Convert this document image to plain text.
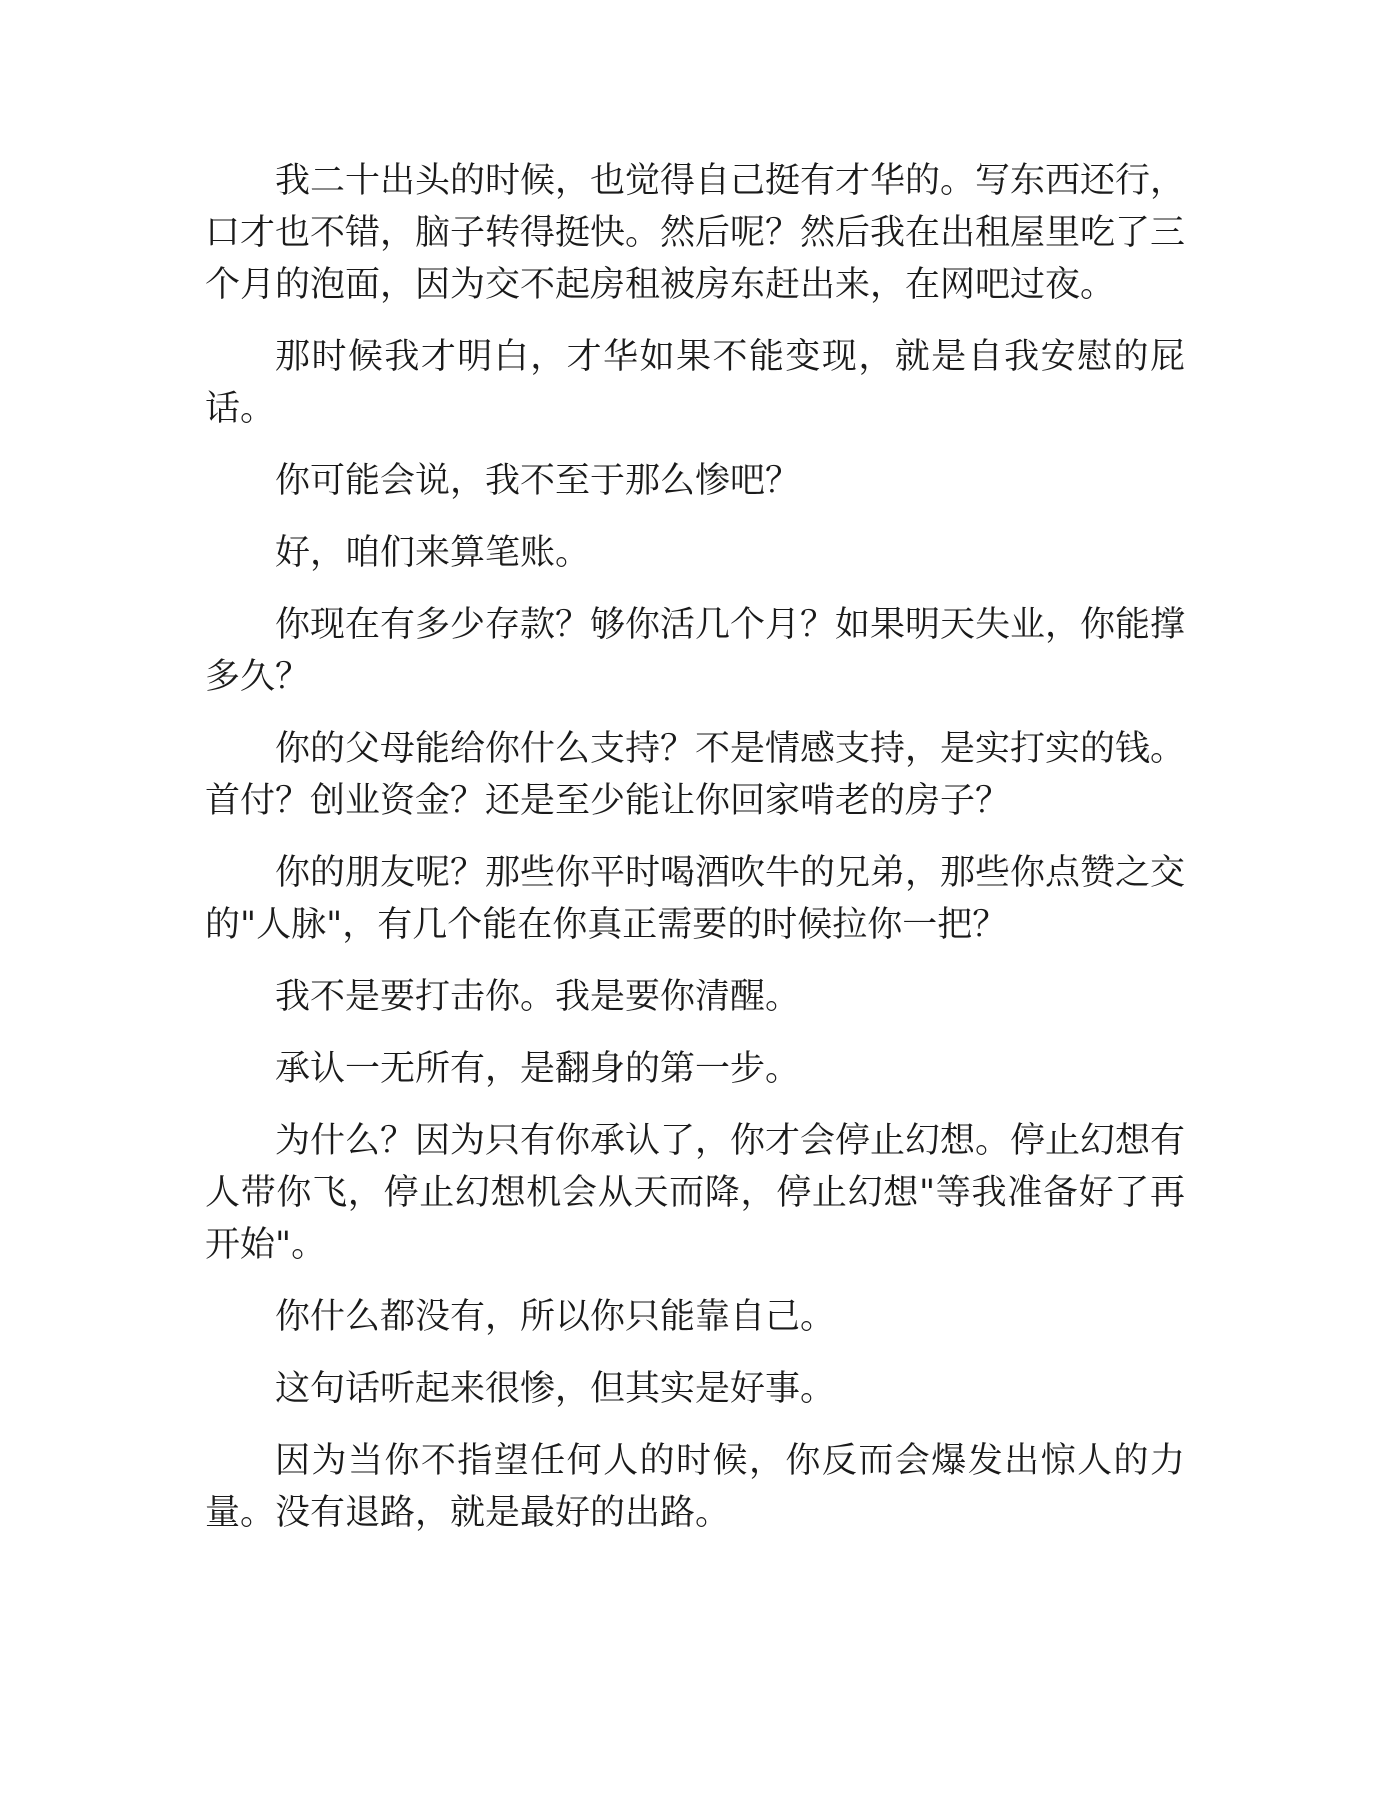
我二十出头的时候，也觉得自己挺有才华的。写东西还行，口才也不错，脑子转得挺快。然后呢？然后我在出租屋里吃了三个月的泡面，因为交不起房租被房东赶出来，在网吧过夜。

那时候我才明白，才华如果不能变现，就是自我安慰的屁话。

你可能会说，我不至于那么惨吧？

好，咱们来算笔账。

你现在有多少存款？够你活几个月？如果明天失业，你能撑多久？

你的父母能给你什么支持？不是情感支持，是实打实的钱。首付？创业资金？还是至少能让你回家啃老的房子？

你的朋友呢？那些你平时喝酒吹牛的兄弟，那些你点赞之交的"人脉"，有几个能在你真正需要的时候拉你一把？

我不是要打击你。我是要你清醒。

承认一无所有，是翻身的第一步。

为什么？因为只有你承认了，你才会停止幻想。停止幻想有人带你飞，停止幻想机会从天而降，停止幻想"等我准备好了再开始"。

你什么都没有，所以你只能靠自己。

这句话听起来很惨，但其实是好事。

因为当你不指望任何人的时候，你反而会爆发出惊人的力量。没有退路，就是最好的出路。
